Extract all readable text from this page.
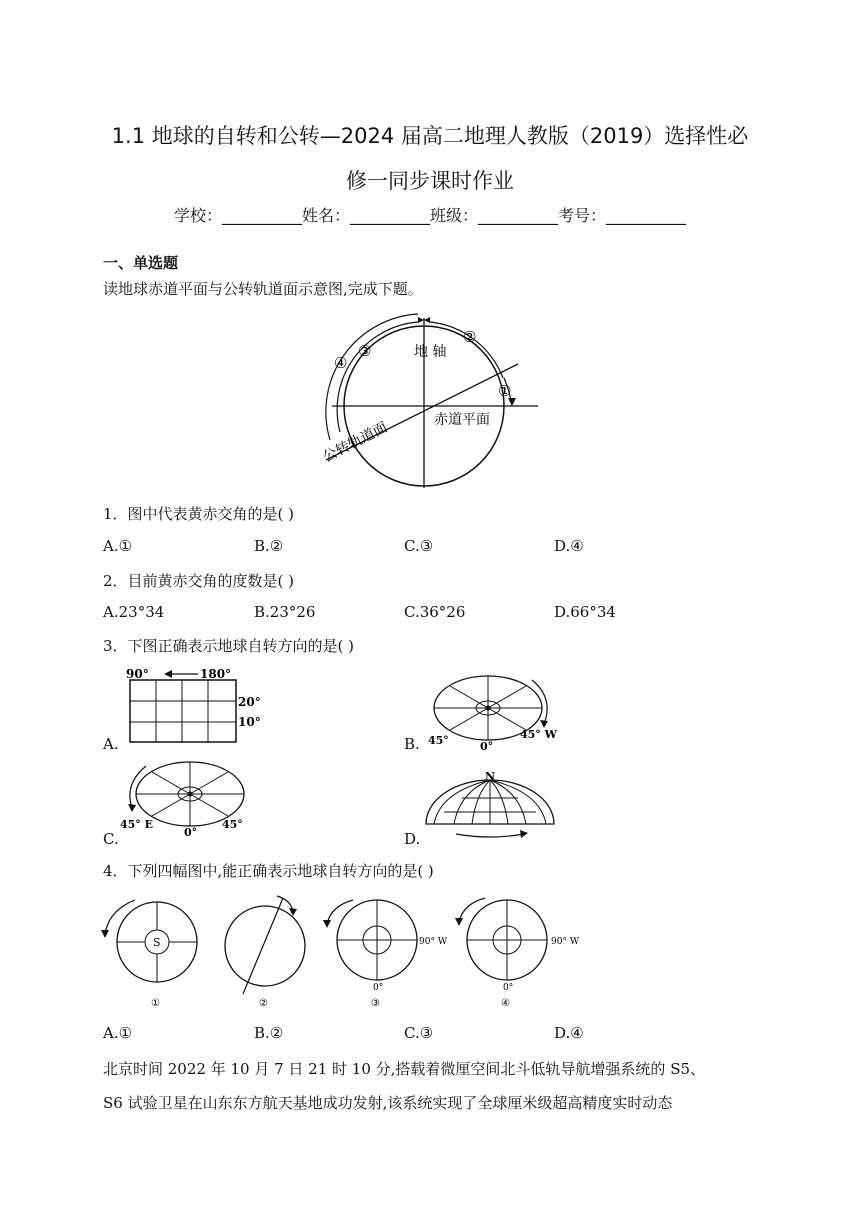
1.1 地球的自转和公转—2024 届高二地理人教版（2019）选择性必
修一同步课时作业
学校：__________姓名：__________班级：__________考号：__________
一、单选题
读地球赤道平面与公转轨道面示意图,完成下题。
地 轴
赤道平面
公转轨道面
②
①
③
④
1．图中代表黄赤交角的是( )
A.①	B.②	C.③	D.④
2．目前黄赤交角的度数是( )
A.23°34	B.23°26	C.36°26	D.66°34
3．下图正确表示地球自转方向的是( )
90°	180°
20°
10°
A.	45°	0°
45° W
B.
45° E
0°
45°
C.
N
D.
4．下列四幅图中,能正确表示地球自转方向的是( )
S
①	②
90° W
0°
③
90° W
0°
④
A.①	B.②	C.③	D.④
北京时间 2022 年 10 月 7 日 21 时 10 分,搭载着微厘空间北斗低轨导航增强系统的 S5、
S6 试验卫星在山东东方航天基地成功发射,该系统实现了全球厘米级超高精度实时动态
